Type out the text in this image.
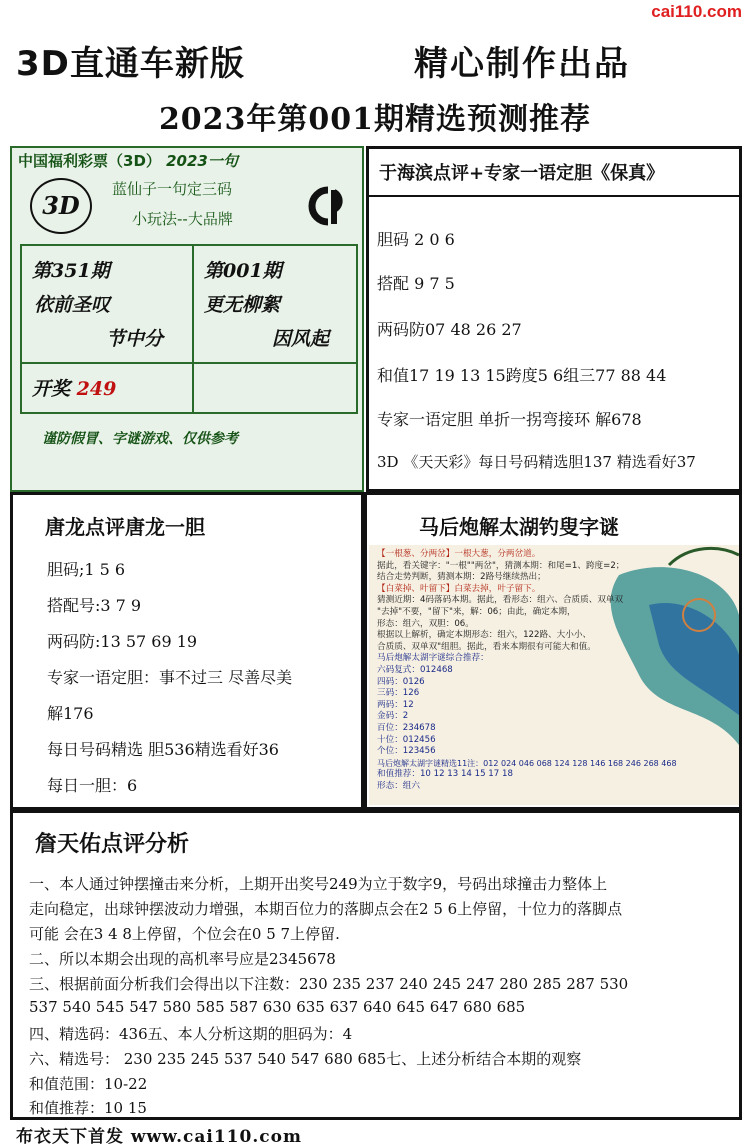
cai110.com
3D直通车新版	精心制作出品
2023年第001期精选预测推荐
中国福利彩票（3D） 2023一句
3D
蓝仙子一句定三码
小玩法--大品牌
第351期
依前圣叹
节中分
第001期
更无柳絮
因风起
开奖 249
谨防假冒、字谜游戏、仅供参考
于海滨点评+专家一语定胆《保真》
胆码 2 0 6
搭配 9 7 5
两码防07 48 26 27
和值17 19 13 15跨度5 6组三77 88 44
专家一语定胆 单折一拐弯接环 解678
3D 《天天彩》每日号码精选胆137 精选看好37
唐龙点评唐龙一胆
胆码;1 5 6
搭配号:3 7 9
两码防:13 57 69 19
专家一语定胆：事不过三 尽善尽美
解176
每日号码精选 胆536精选看好36
每日一胆：6
马后炮解太湖钓叟字谜
【一根葱、分两岔】一根大葱，分两岔道。
据此，看关键字："一根""两岔"，猜测本期：和尾=1、跨度=2；
结合走势判断，猜测本期：2路号继续热出；
【白菜掉、叶留下】白菜去掉，叶子留下。
猜测近期：4码落码本期。据此，看形态：组六、合质质、双单双
"去掉"不要，"留下"来，解：06；由此，确定本期，
形态：组六，双胆：06。
根据以上解析，确定本期形态：组六，122路、大小小、
合质质、双单双"组胆。据此，看来本期很有可能大和值。
马后炮解太湖字谜综合推荐：
六码复式：012468
四码：0126
三码：126
两码：12
金码：2
百位：234678
十位：012456
个位：123456
马后炮解太湖字谜精选11注：012 024 046 068 124 128 146 168 246 268 468
和值推荐：10 12 13 14 15 17 18
形态：组六
詹天佑点评分析
一、本人通过钟摆撞击来分析，上期开出奖号249为立于数字9，号码出球撞击力整体上
走向稳定，出球钟摆波动力增强，本期百位力的落脚点会在2 5 6上停留，十位力的落脚点
可能 会在3 4 8上停留，个位会在0 5 7上停留.
二、所以本期会出现的高机率号应是2345678
三、根据前面分析我们会得出以下注数：230 235 237 240 245 247 280 285 287 530
537 540 545 547 580 585 587 630 635 637 640 645 647 680 685
四、精选码：436五、本人分析这期的胆码为：4
六、精选号： 230 235 245 537 540 547 680 685七、上述分析结合本期的观察
和值范围：10-22
和值推荐：10 15
布衣天下首发 www.cai110.com
